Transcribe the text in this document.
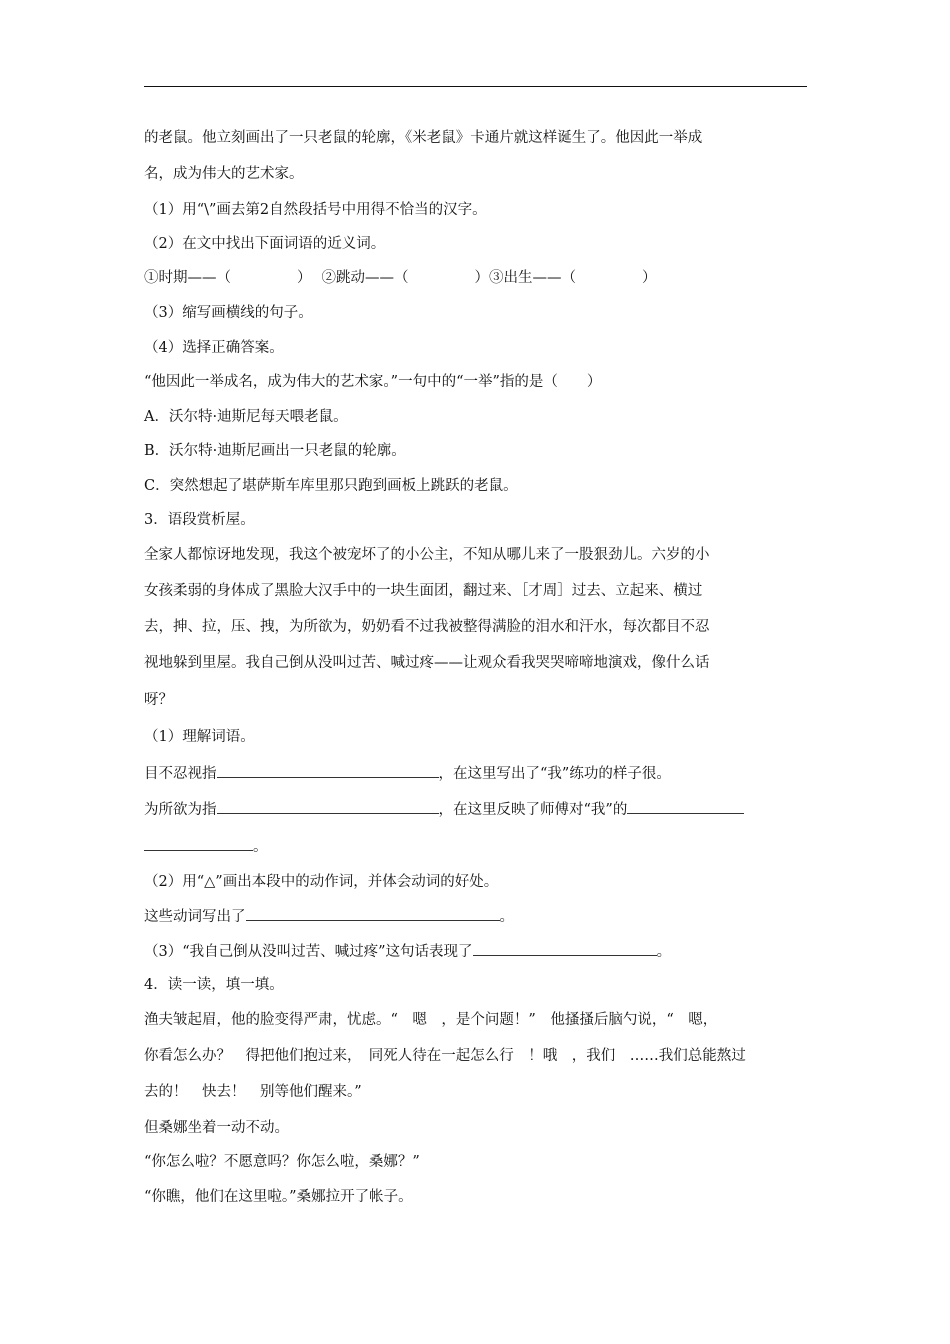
的老鼠。他立刻画出了一只老鼠的轮廓，《米老鼠》卡通片就这样诞生了。他因此一举成
名，成为伟大的艺术家。
（1）用“\”画去第2自然段括号中用得不恰当的汉字。
（2）在文中找出下面词语的近义词。
①时期——（	） ②跳动——（	）③出生——（	）
（3）缩写画横线的句子。
（4）选择正确答案。
“他因此一举成名，成为伟大的艺术家。”一句中的“一举”指的是（　　）
A．沃尔特·迪斯尼每天喂老鼠。
B．沃尔特·迪斯尼画出一只老鼠的轮廓。
C．突然想起了堪萨斯车库里那只跑到画板上跳跃的老鼠。
3．语段赏析屋。
全家人都惊讶地发现，我这个被宠坏了的小公主，不知从哪儿来了一股狠劲儿。六岁的小
女孩柔弱的身体成了黑脸大汉手中的一块生面团，翻过来、［才周］过去、立起来、横过
去，抻、拉，压、拽，为所欲为，奶奶看不过我被整得满脸的泪水和汗水，每次都目不忍
视地躲到里屋。我自己倒从没叫过苦、喊过疼——让观众看我哭哭啼啼地演戏，像什么话
呀？
（1）理解词语。
目不忍视指	，在这里写出了“我”练功的样子很。
为所欲为指	，在这里反映了师傅对“我”的
。
（2）用“△”画出本段中的动作词，并体会动词的好处。
这些动词写出了	。
（3）“我自己倒从没叫过苦、喊过疼”这句话表现了	。
4．读一读，填一填。
渔夫皱起眉，他的脸变得严肃，忧虑。“　嗯　，是个问题！”　他搔搔后脑勺说，“　嗯，
你看怎么办？　得把他们抱过来，　同死人待在一起怎么行　！哦　，我们　……我们总能熬过
去的！　快去！　别等他们醒来。”
但桑娜坐着一动不动。
“你怎么啦？不愿意吗？你怎么啦，桑娜？”
“你瞧，他们在这里啦。”桑娜拉开了帐子。
